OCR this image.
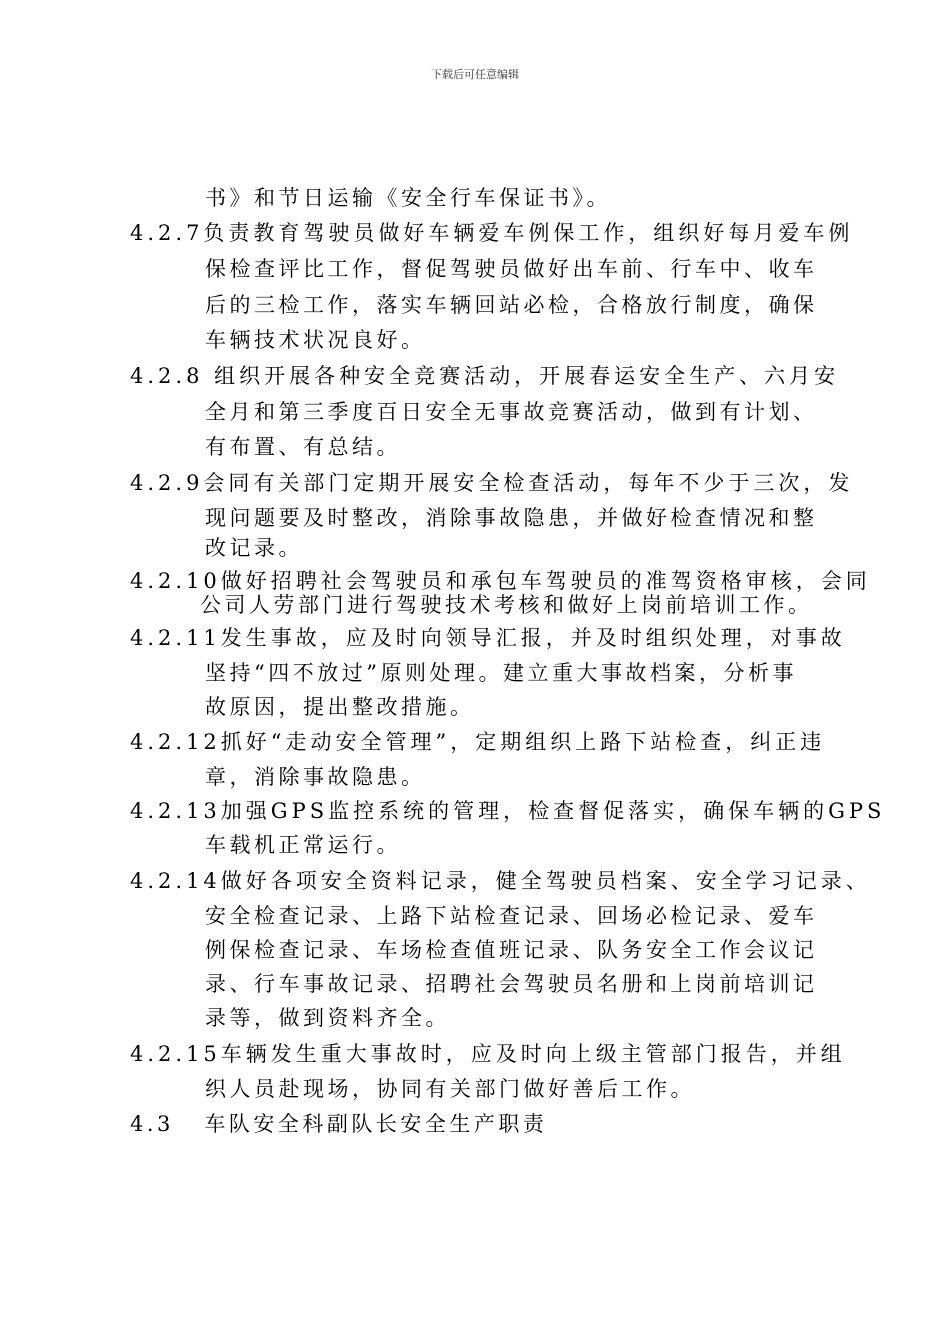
下载后可任意编辑
书》和节日运输《安全行车保证书》。
4.2.7负责教育驾驶员做好车辆爱车例保工作，组织好每月爱车例
保检查评比工作，督促驾驶员做好出车前、行车中、收车
后的三检工作，落实车辆回站必检，合格放行制度，确保
车辆技术状况良好。
4.2.8 组织开展各种安全竞赛活动，开展春运安全生产、六月安
全月和第三季度百日安全无事故竞赛活动，做到有计划、
有布置、有总结。
4.2.9会同有关部门定期开展安全检查活动，每年不少于三次，发
现问题要及时整改，消除事故隐患，并做好检查情况和整
改记录。
4.2.10做好招聘社会驾驶员和承包车驾驶员的准驾资格审核，会同
公司人劳部门进行驾驶技术考核和做好上岗前培训工作。
4.2.11发生事故，应及时向领导汇报，并及时组织处理，对事故
坚持“四不放过”原则处理。建立重大事故档案，分析事
故原因，提出整改措施。
4.2.12抓好“走动安全管理”，定期组织上路下站检查，纠正违
章，消除事故隐患。
4.2.13加强GPS监控系统的管理，检查督促落实，确保车辆的GPS
车载机正常运行。
4.2.14做好各项安全资料记录，健全驾驶员档案、安全学习记录、
安全检查记录、上路下站检查记录、回场必检记录、爱车
例保检查记录、车场检查值班记录、队务安全工作会议记
录、行车事故记录、招聘社会驾驶员名册和上岗前培训记
录等，做到资料齐全。
4.2.15车辆发生重大事故时，应及时向上级主管部门报告，并组
织人员赴现场，协同有关部门做好善后工作。
4.3   车队安全科副队长安全生产职责
